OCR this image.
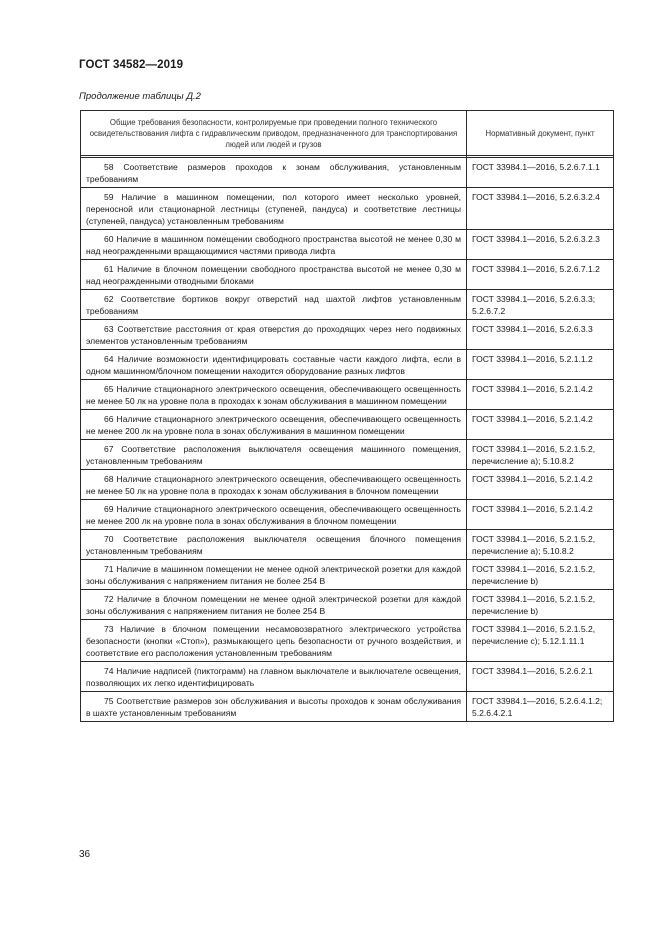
ГОСТ 34582—2019
Продолжение таблицы Д.2
Общие требования безопасности, контролируемые при проведении полного технического освидетельствования лифта с гидравлическим приводом, предназначенного для транспортирования людей или людей и грузов	Нормативный документ, пункт

58 Соответствие размеров проходов к зонам обслуживания, установленным требованиям	ГОСТ 33984.1—2016, 5.2.6.7.1.1
59 Наличие в машинном помещении, пол которого имеет несколько уровней, переносной или стационарной лестницы (ступеней, пандуса) и соответствие лестницы (ступеней, пандуса) установленным требованиям	ГОСТ 33984.1—2016, 5.2.6.3.2.4
60 Наличие в машинном помещении свободного пространства высотой не менее 0,30 м над неогражденными вращающимися частями привода лифта	ГОСТ 33984.1—2016, 5.2.6.3.2.3
61 Наличие в блочном помещении свободного пространства высотой не менее 0,30 м над неогражденными отводными блоками	ГОСТ 33984.1—2016, 5.2.6.7.1.2
62 Соответствие бортиков вокруг отверстий над шахтой лифтов установленным требованиям	ГОСТ 33984.1—2016, 5.2.6.3.3; 5.2.6.7.2
63 Соответствие расстояния от края отверстия до проходящих через него подвижных элементов установленным требованиям	ГОСТ 33984.1—2016, 5.2.6.3.3
64 Наличие возможности идентифицировать составные части каждого лифта, если в одном машинном/блочном помещении находится оборудование разных лифтов	ГОСТ 33984.1—2016, 5.2.1.1.2
65 Наличие стационарного электрического освещения, обеспечивающего освещенность не менее 50 лк на уровне пола в проходах к зонам обслуживания в машинном помещении	ГОСТ 33984.1—2016, 5.2.1.4.2
66 Наличие стационарного электрического освещения, обеспечивающего освещенность не менее 200 лк на уровне пола в зонах обслуживания в машинном помещении	ГОСТ 33984.1—2016, 5.2.1.4.2
67 Соответствие расположения выключателя освещения машинного помещения, установленным требованиям	ГОСТ 33984.1—2016, 5.2.1.5.2, перечисление а); 5.10.8.2
68 Наличие стационарного электрического освещения, обеспечивающего освещенность не менее 50 лк на уровне пола в проходах к зонам обслуживания в блочном помещении	ГОСТ 33984.1—2016, 5.2.1.4.2
69 Наличие стационарного электрического освещения, обеспечивающего освещенность не менее 200 лк на уровне пола в зонах обслуживания в блочном помещении	ГОСТ 33984.1—2016, 5.2.1.4.2
70 Соответствие расположения выключателя освещения блочного помещения установленным требованиям	ГОСТ 33984.1—2016, 5.2.1.5.2, перечисление а); 5.10.8.2
71 Наличие в машинном помещении не менее одной электрической розетки для каждой зоны обслуживания с напряжением питания не более 254 В	ГОСТ 33984.1—2016, 5.2.1.5.2, перечисление b)
72 Наличие в блочном помещении не менее одной электрической розетки для каждой зоны обслуживания с напряжением питания не более 254 В	ГОСТ 33984.1—2016, 5.2.1.5.2, перечисление b)
73 Наличие в блочном помещении несамовозвратного электрического устройства безопасности (кнопки «Стоп»), размыкающего цепь безопасности от ручного воздействия, и соответствие его расположения установленным требованиям	ГОСТ 33984.1—2016, 5.2.1.5.2, перечисление с); 5.12.1.11.1
74 Наличие надписей (пиктограмм) на главном выключателе и выключателе освещения, позволяющих их легко идентифицировать	ГОСТ 33984.1—2016, 5.2.6.2.1
75 Соответствие размеров зон обслуживания и высоты проходов к зонам обслуживания в шахте установленным требованиям	ГОСТ 33984.1—2016, 5.2.6.4.1.2; 5.2.6.4.2.1
36
